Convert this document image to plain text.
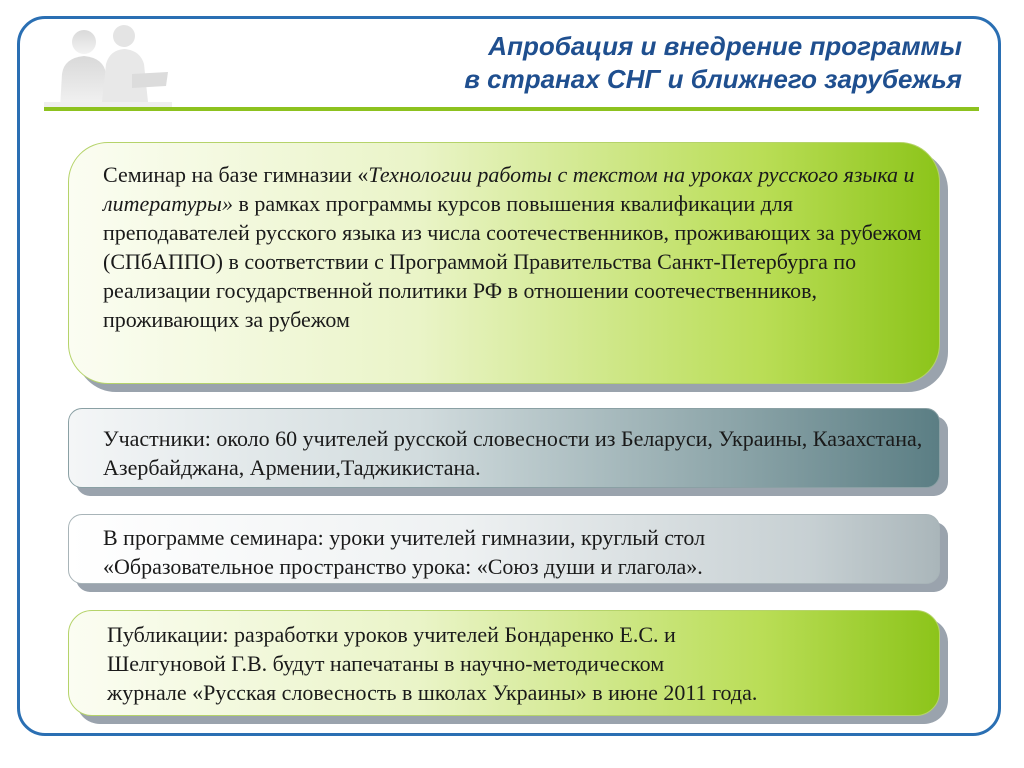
Апробация и внедрение программы
в странах СНГ и ближнего зарубежья
Семинар на базе гимназии «Технологии работы с текстом на уроках русского языка и литературы» в рамках программы курсов повышения квалификации для преподавателей русского языка из числа соотечественников, проживающих за рубежом (СПбАППО) в соответствии с Программой Правительства Санкт-Петербурга по реализации государственной политики РФ в отношении соотечественников, проживающих за рубежом
Участники: около 60 учителей русской словесности из Беларуси, Украины, Казахстана, Азербайджана, Армении,Таджикистана.
В программе семинара: уроки учителей гимназии, круглый стол
«Образовательное пространство урока: «Союз души и глагола».
Публикации: разработки уроков учителей Бондаренко Е.С. и
Шелгуновой Г.В. будут напечатаны в научно-методическом
журнале «Русская словесность в школах Украины» в июне 2011 года.
